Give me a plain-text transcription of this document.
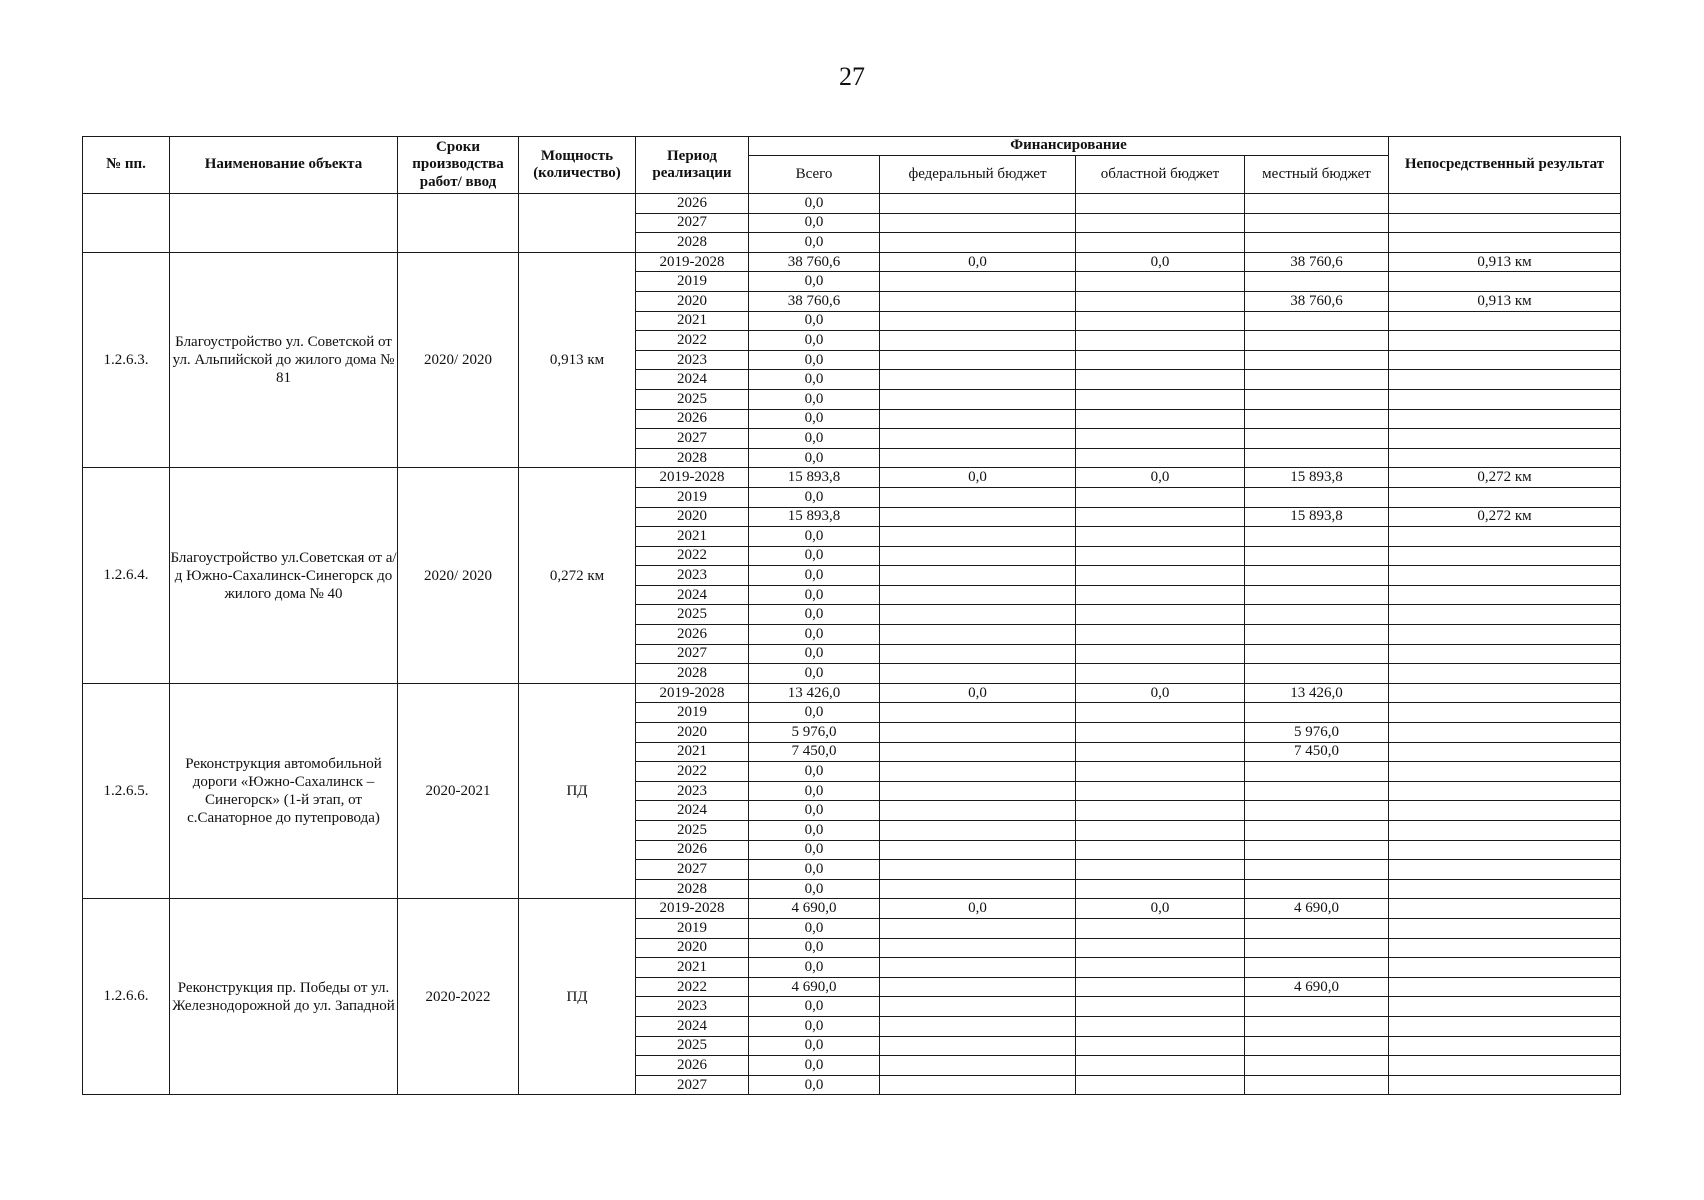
27
№ пп.	Наименование объекта	Сроки производства работ/ ввод	Мощность (количество)	Период реализации	Финансирование				Непосредственный результат
					Всего	федеральный бюджет	областной бюджет	местный бюджет	
				2026	0,0				
				2027	0,0				
				2028	0,0				
1.2.6.3.	Благоустройство ул. Советской от ул. Альпийской до жилого дома № 81	2020/ 2020	0,913 км	2019-2028	38 760,6	0,0	0,0	38 760,6	0,913 км
				2019	0,0				
				2020	38 760,6			38 760,6	0,913 км
				2021	0,0				
				2022	0,0				
				2023	0,0				
				2024	0,0				
				2025	0,0				
				2026	0,0				
				2027	0,0				
				2028	0,0				
1.2.6.4.	Благоустройство ул.Советская от а/д Южно-Сахалинск-Синегорск до жилого дома № 40	2020/ 2020	0,272 км	2019-2028	15 893,8	0,0	0,0	15 893,8	0,272 км
				2019	0,0				
				2020	15 893,8			15 893,8	0,272 км
				2021	0,0				
				2022	0,0				
				2023	0,0				
				2024	0,0				
				2025	0,0				
				2026	0,0				
				2027	0,0				
				2028	0,0				
1.2.6.5.	Реконструкция автомобильной дороги «Южно-Сахалинск – Синегорск» (1-й этап, от с.Санаторное до путепровода)	2020-2021	ПД	2019-2028	13 426,0	0,0	0,0	13 426,0	
				2019	0,0				
				2020	5 976,0			5 976,0	
				2021	7 450,0			7 450,0	
				2022	0,0				
				2023	0,0				
				2024	0,0				
				2025	0,0				
				2026	0,0				
				2027	0,0				
				2028	0,0				
1.2.6.6.	Реконструкция пр. Победы от ул. Железнодорожной до ул. Западной	2020-2022	ПД	2019-2028	4 690,0	0,0	0,0	4 690,0	
				2019	0,0				
				2020	0,0				
				2021	0,0				
				2022	4 690,0			4 690,0	
				2023	0,0				
				2024	0,0				
				2025	0,0				
				2026	0,0				
				2027	0,0				
